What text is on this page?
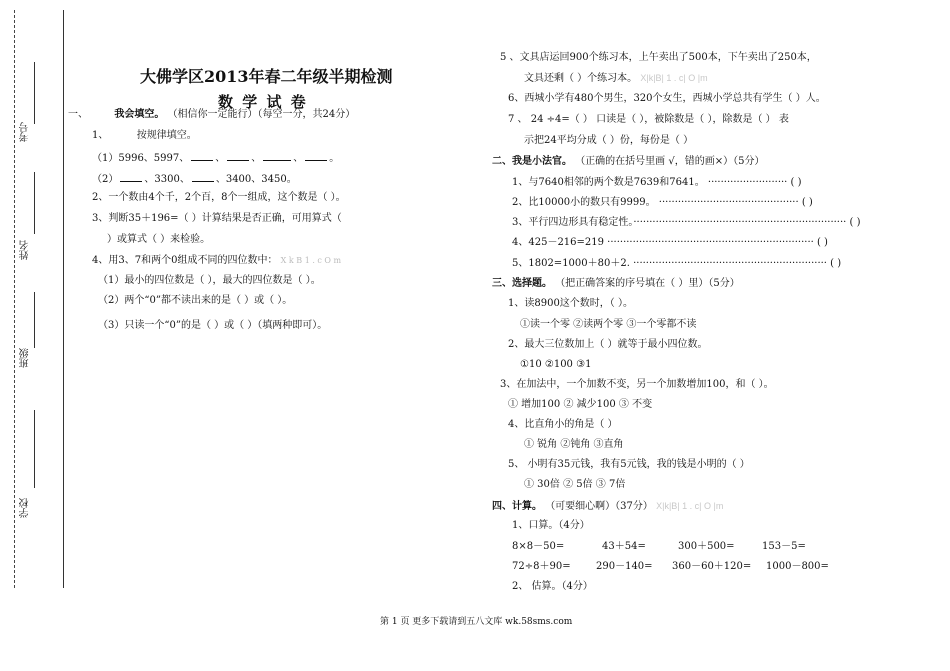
考号
姓名
班级
学校
大佛学区2013年春二年级半期检测
数 学 试 卷
一、	我会填空。 （相信你一定能行）（每空一分，共24分）
1、	按规律填空。
（1）5996、5997、	、	、	、	。
（2）	、3300、	、3400、3450。
2、一个数由4个千，2个百，8个一组成，这个数是（ ）。
3、判断35＋196=（ ）计算结果是否正确，可用算式（
）或算式（ ）来检验。
4、用3、7和两个0组成不同的四位数中： X k B 1 . c O m
（1）最小的四位数是（ ），最大的四位数是（ ）。
（2）两个“0”都不读出来的是（ ）或（ ）。
（3）只读一个“0”的是（ ）或（ ）（填两种即可）。
5 、文具店运回900个练习本，上午卖出了500本，下午卖出了250本，
文具还剩（ ）个练习本。 X|k|B| 1 . c| O |m
6、西城小学有480个男生，320个女生，西城小学总共有学生（ ）人。
7 、 24 ÷4=（ ） 口读是（ ），被除数是（ ），除数是（ ） 表
示把24平均分成（ ）份，每份是（ ）
二、我是小法官。 （正确的在括号里画 √，错的画×）（5分）
1、与7640相邻的两个数是7639和7641。 ························· ( )
2、比10000小的数只有9999。 ············································ ( )
3、平行四边形具有稳定性。··································································· ( )
4、425－216=219 ································································· ( )
5、1802=1000＋80＋2. ····························································· ( )
三、选择题。 （把正确答案的序号填在（ ）里）（5分）
1、读8900这个数时，（ ）。
①读一个零 ②读两个零 ③一个零都不读
2、最大三位数加上（ ）就等于最小四位数。
①10 ②100 ③1
3、在加法中，一个加数不变，另一个加数增加100，和（ ）。
① 增加100 ② 减少100 ③ 不变
4、比直角小的角是（ ）
① 锐角 ②钝角 ③直角
5、 小明有35元钱，我有5元钱，我的钱是小明的（ ）
① 30倍 ② 5倍 ③ 7倍
四、计算。 （可要细心啊）（37分） X|k|B| 1 . c| O |m
1、口算。（4分）
8×8－50=	43＋54=	300＋500=	153－5=
72÷8＋90=	290－140= 360－60＋120= 1000－800=
2、 估算。（4分）
第 1 页 更多下载请到五八文库 wk.58sms.com
